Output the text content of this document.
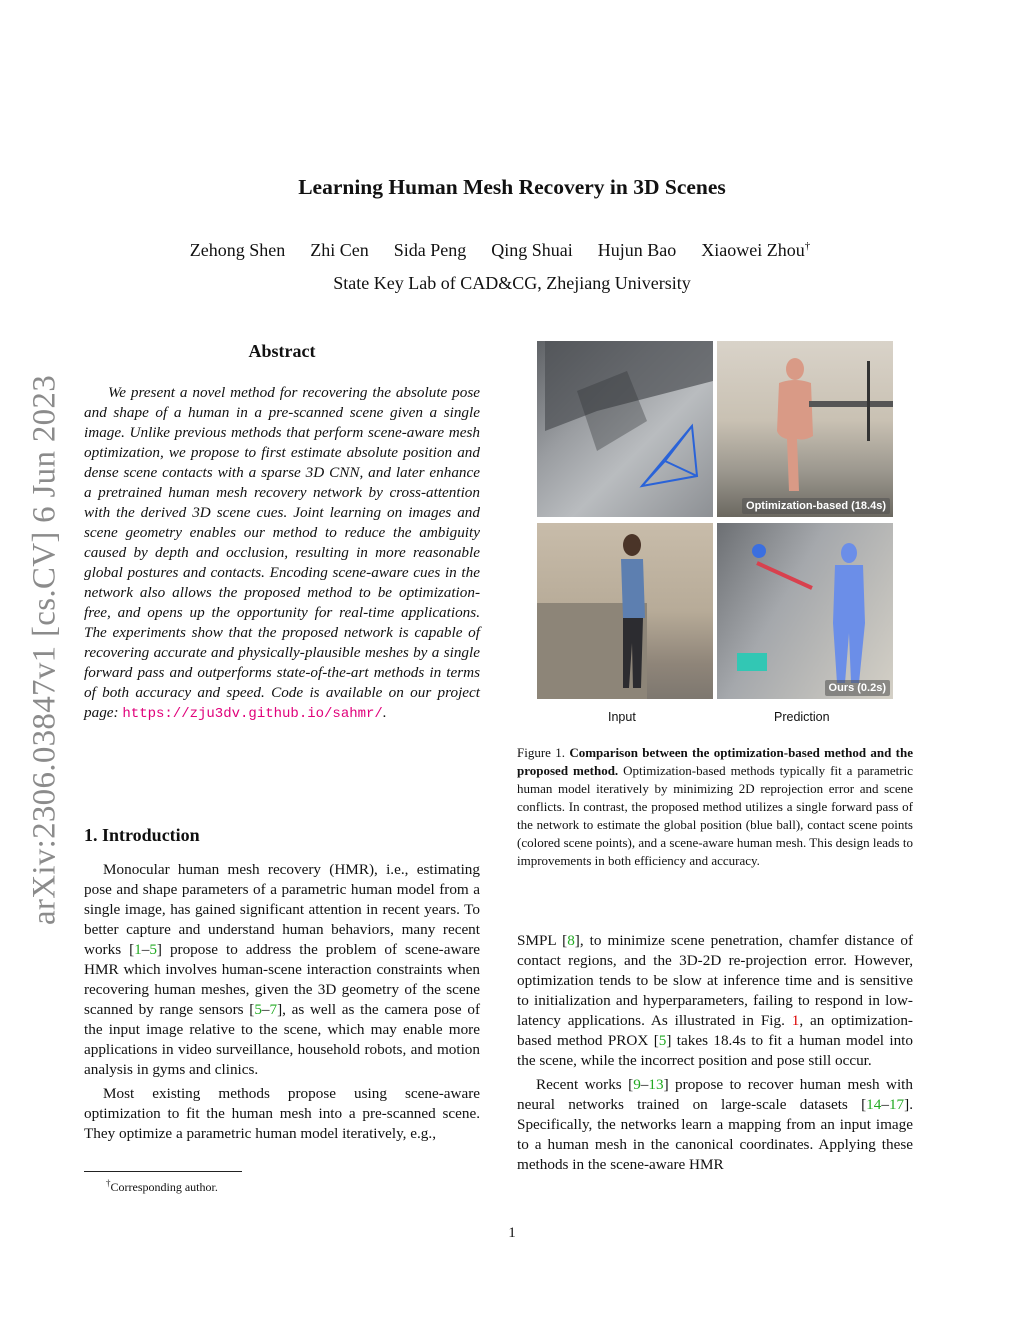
arXiv:2306.03847v1 [cs.CV] 6 Jun 2023
Learning Human Mesh Recovery in 3D Scenes
Zehong Shen Zhi Cen Sida Peng Qing Shuai Hujun Bao Xiaowei Zhou†
State Key Lab of CAD&CG, Zhejiang University
Abstract

We present a novel method for recovering the absolute pose and shape of a human in a pre-scanned scene given a single image. Unlike previous methods that perform scene-aware mesh optimization, we propose to first estimate absolute position and dense scene contacts with a sparse 3D CNN, and later enhance a pretrained human mesh recovery network by cross-attention with the derived 3D scene cues. Joint learning on images and scene geometry enables our method to reduce the ambiguity caused by depth and occlusion, resulting in more reasonable global postures and contacts. Encoding scene-aware cues in the network also allows the proposed method to be optimization-free, and opens up the opportunity for real-time applications. The experiments show that the proposed network is capable of recovering accurate and physically-plausible meshes by a single forward pass and outperforms state-of-the-art methods in terms of both accuracy and speed. Code is available on our project page: https://zju3dv.github.io/sahmr/.

1. Introduction

Monocular human mesh recovery (HMR), i.e., estimating pose and shape parameters of a parametric human model from a single image, has gained significant attention in recent years. To better capture and understand human behaviors, many recent works [1–5] propose to address the problem of scene-aware HMR which involves human-scene interaction constraints when recovering human meshes, given the 3D geometry of the scene scanned by range sensors [5–7], as well as the camera pose of the input image relative to the scene, which may enable more applications in video surveillance, household robots, and motion analysis in gyms and clinics.

Most existing methods propose using scene-aware optimization to fit the human mesh into a pre-scanned scene. They optimize a parametric human model iteratively, e.g.,

†Corresponding author.
Optimization-based (18.4s)
Ours (0.2s)
Input	Prediction

Figure 1. Comparison between the optimization-based method and the proposed method. Optimization-based methods typically fit a parametric human model iteratively by minimizing 2D reprojection error and scene conflicts. In contrast, the proposed method utilizes a single forward pass of the network to estimate the global position (blue ball), contact scene points (colored scene points), and a scene-aware human mesh. This design leads to improvements in both efficiency and accuracy.

SMPL [8], to minimize scene penetration, chamfer distance of contact regions, and the 3D-2D re-projection error. However, optimization tends to be slow at inference time and is sensitive to initialization and hyperparameters, failing to respond in low-latency applications. As illustrated in Fig. 1, an optimization-based method PROX [5] takes 18.4s to fit a human model into the scene, while the incorrect position and pose still occur.

Recent works [9–13] propose to recover human mesh with neural networks trained on large-scale datasets [14–17]. Specifically, the networks learn a mapping from an input image to a human mesh in the canonical coordinates. Applying these methods in the scene-aware HMR

1
